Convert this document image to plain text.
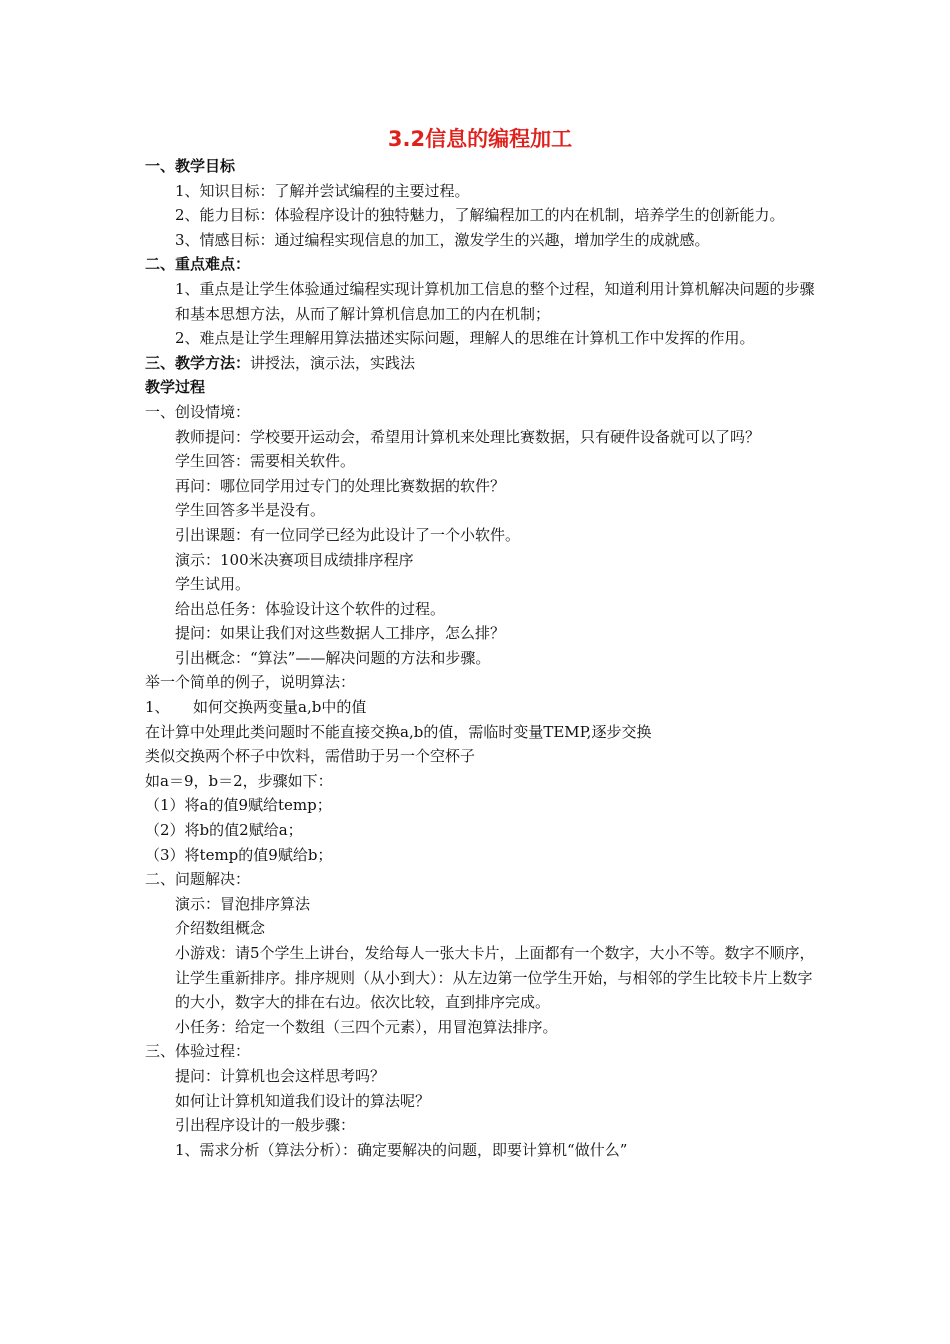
3.2信息的编程加工
一、教学目标
1、知识目标：了解并尝试编程的主要过程。
2、能力目标：体验程序设计的独特魅力，了解编程加工的内在机制，培养学生的创新能力。
3、情感目标：通过编程实现信息的加工，激发学生的兴趣，增加学生的成就感。
二、重点难点：
1、重点是让学生体验通过编程实现计算机加工信息的整个过程，知道利用计算机解决问题的步骤和基本思想方法，从而了解计算机信息加工的内在机制；
2、难点是让学生理解用算法描述实际问题，理解人的思维在计算机工作中发挥的作用。
三、教学方法：讲授法，演示法，实践法
教学过程
一、创设情境：
教师提问：学校要开运动会，希望用计算机来处理比赛数据，只有硬件设备就可以了吗？
学生回答：需要相关软件。
再问：哪位同学用过专门的处理比赛数据的软件？
学生回答多半是没有。
引出课题：有一位同学已经为此设计了一个小软件。
演示：100米决赛项目成绩排序程序
学生试用。
给出总任务：体验设计这个软件的过程。
提问：如果让我们对这些数据人工排序，怎么排？
引出概念：“算法”——解决问题的方法和步骤。
举一个简单的例子，说明算法：
1、 如何交换两变量a,b中的值
在计算中处理此类问题时不能直接交换a,b的值，需临时变量TEMP,逐步交换
类似交换两个杯子中饮料，需借助于另一个空杯子
如a＝9，b＝2，步骤如下：
（1）将a的值9赋给temp；
（2）将b的值2赋给a；
（3）将temp的值9赋给b；
二、问题解决：
演示：冒泡排序算法
介绍数组概念
小游戏：请5个学生上讲台，发给每人一张大卡片，上面都有一个数字，大小不等。数字不顺序，让学生重新排序。排序规则（从小到大）：从左边第一位学生开始，与相邻的学生比较卡片上数字的大小，数字大的排在右边。依次比较，直到排序完成。
小任务：给定一个数组（三四个元素），用冒泡算法排序。
三、体验过程：
提问：计算机也会这样思考吗？
如何让计算机知道我们设计的算法呢？
引出程序设计的一般步骤：
1、需求分析（算法分析）：确定要解决的问题，即要计算机“做什么”
